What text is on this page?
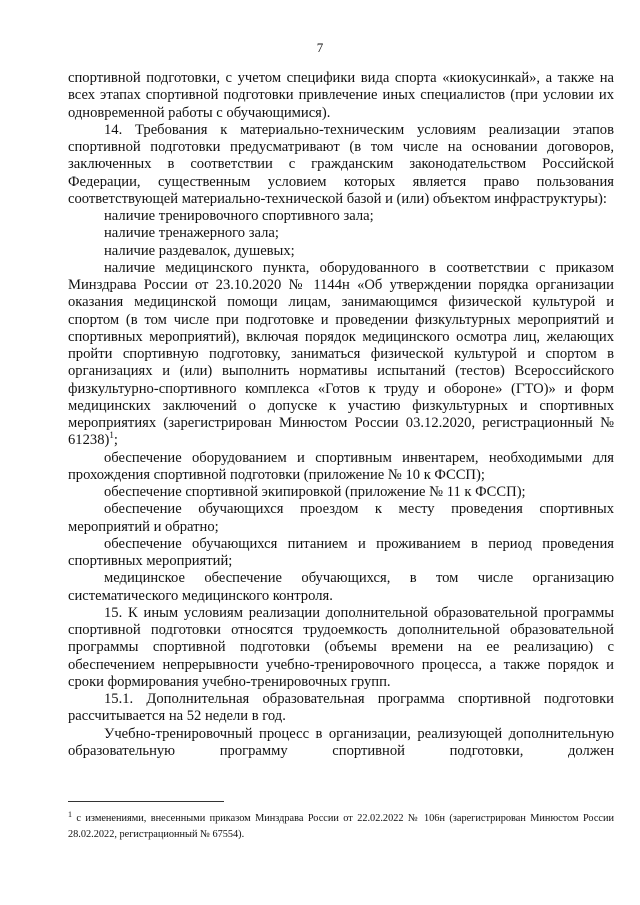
7

спортивной подготовки, с учетом специфики вида спорта «киокусинкай», а также на всех этапах спортивной подготовки привлечение иных специалистов (при условии их одновременной работы с обучающимися).

14. Требования к материально-техническим условиям реализации этапов спортивной подготовки предусматривают (в том числе на основании договоров, заключенных в соответствии с гражданским законодательством Российской Федерации, существенным условием которых является право пользования соответствующей материально-технической базой и (или) объектом инфраструктуры):

наличие тренировочного спортивного зала;

наличие тренажерного зала;

наличие раздевалок, душевых;

наличие медицинского пункта, оборудованного в соответствии с приказом Минздрава России от 23.10.2020 № 1144н «Об утверждении порядка организации оказания медицинской помощи лицам, занимающимся физической культурой и спортом (в том числе при подготовке и проведении физкультурных мероприятий и спортивных мероприятий), включая порядок медицинского осмотра лиц, желающих пройти спортивную подготовку, заниматься физической культурой и спортом в организациях и (или) выполнить нормативы испытаний (тестов) Всероссийского физкультурно-спортивного комплекса «Готов к труду и обороне» (ГТО)» и форм медицинских заключений о допуске к участию физкультурных и спортивных мероприятиях (зарегистрирован Минюстом России 03.12.2020, регистрационный № 61238)$^1$;

обеспечение оборудованием и спортивным инвентарем, необходимыми для прохождения спортивной подготовки (приложение № 10 к ФССП);

обеспечение спортивной экипировкой (приложение № 11 к ФССП);

обеспечение обучающихся проездом к месту проведения спортивных мероприятий и обратно;

обеспечение обучающихся питанием и проживанием в период проведения спортивных мероприятий;

медицинское обеспечение обучающихся, в том числе организацию систематического медицинского контроля.

15. К иным условиям реализации дополнительной образовательной программы спортивной подготовки относятся трудоемкость дополнительной образовательной программы спортивной подготовки (объемы времени на ее реализацию) с обеспечением непрерывности учебно-тренировочного процесса, а также порядок и сроки формирования учебно-тренировочных групп.

15.1. Дополнительная образовательная программа спортивной подготовки рассчитывается на 52 недели в год.

Учебно-тренировочный процесс в организации, реализующей дополнительную образовательную программу спортивной подготовки, должен

$^1$ с изменениями, внесенными приказом Минздрава России от 22.02.2022 № 106н (зарегистрирован Минюстом России 28.02.2022, регистрационный № 67554).
